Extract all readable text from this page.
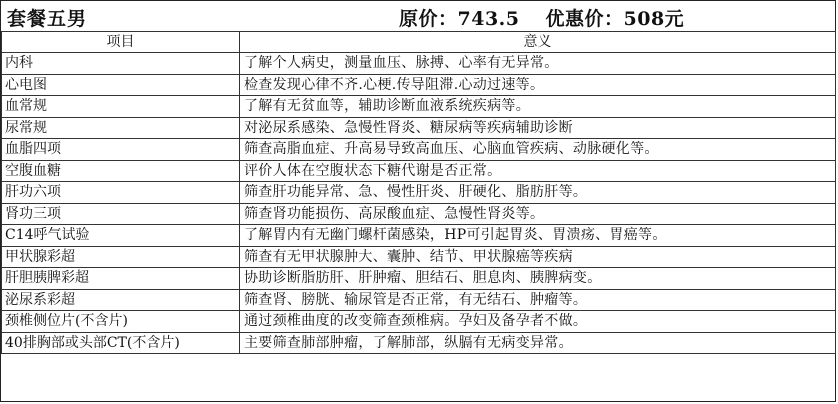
套餐五男	原价：743.5 优惠价：508元
项目	意义
内科	了解个人病史，测量血压、脉搏、心率有无异常。
心电图	检查发现心律不齐.心梗.传导阻滞.心动过速等。
血常规	了解有无贫血等，辅助诊断血液系统疾病等。
尿常规	对泌尿系感染、急慢性肾炎、糖尿病等疾病辅助诊断
血脂四项	筛查高脂血症、升高易导致高血压、心脑血管疾病、动脉硬化等。
空腹血糖	评价人体在空腹状态下糖代谢是否正常。
肝功六项	筛查肝功能异常、急、慢性肝炎、肝硬化、脂肪肝等。
肾功三项	筛查肾功能损伤、高尿酸血症、急慢性肾炎等。
C14呼气试验	了解胃内有无幽门螺杆菌感染，HP可引起胃炎、胃溃疡、胃癌等。
甲状腺彩超	筛查有无甲状腺肿大、囊肿、结节、甲状腺癌等疾病
肝胆胰脾彩超	协助诊断脂肪肝、肝肿瘤、胆结石、胆息肉、胰脾病变。
泌尿系彩超	筛查肾、膀胱、输尿管是否正常，有无结石、肿瘤等。
颈椎侧位片(不含片)	通过颈椎曲度的改变筛查颈椎病。孕妇及备孕者不做。
40排胸部或头部CT(不含片)	主要筛查肺部肿瘤，了解肺部，纵膈有无病变异常。
